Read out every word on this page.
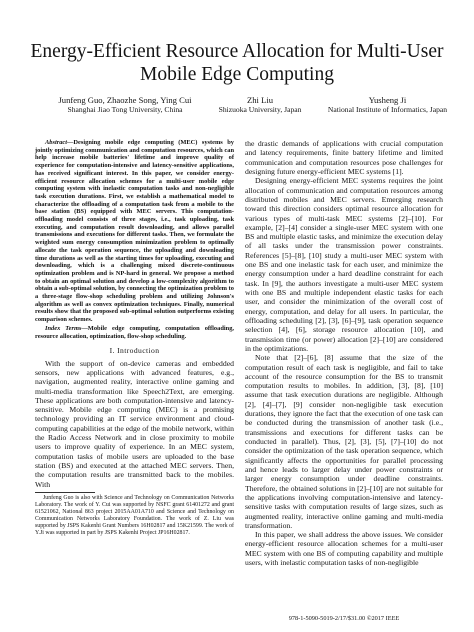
Energy-Efficient Resource Allocation for Multi-User Mobile Edge Computing
Junfeng Guo, Zhaozhe Song, Ying Cui
Shanghai Jiao Tong University, China
Zhi Liu
Shizuoka University, Japan
Yusheng Ji
National Institute of Informatics, Japan

Abstract—Designing mobile edge computing (MEC) systems by jointly optimizing communication and computation resources, which can help increase mobile batteries' lifetime and improve quality of experience for computation-intensive and latency-sensitive applications, has received significant interest. In this paper, we consider energy-efficient resource allocation schemes for a multi-user mobile edge computing system with inelastic computation tasks and non-negligible task execution durations. First, we establish a mathematical model to characterize the offloading of a computation task from a mobile to the base station (BS) equipped with MEC servers. This computation-offloading model consists of three stages, i.e., task uploading, task executing, and computation result downloading, and allows parallel transmissions and executions for different tasks. Then, we formulate the weighted sum energy consumption minimization problem to optimally allocate the task operation sequence, the uploading and downloading time durations as well as the starting times for uploading, executing and downloading, which is a challenging mixed discrete-continuous optimization problem and is NP-hard in general. We propose a method to obtain an optimal solution and develop a low-complexity algorithm to obtain a sub-optimal solution, by connecting the optimization problem to a three-stage flow-shop scheduling problem and utilizing Johnson's algorithm as well as convex optimization techniques. Finally, numerical results show that the proposed sub-optimal solution outperforms existing comparison schemes.

Index Terms—Mobile edge computing, computation offloading, resource allocation, optimization, flow-shop scheduling.

I. Introduction

With the support of on-device cameras and embedded sensors, new applications with advanced features, e.g., navigation, augmented reality, interactive online gaming and multi-media transformation like Speech2Text, are emerging. These applications are both computation-intensive and latency-sensitive. Mobile edge computing (MEC) is a promising technology providing an IT service environment and cloud-computing capabilities at the edge of the mobile network, within the Radio Access Network and in close proximity to mobile users to improve quality of experience. In an MEC system, computation tasks of mobile users are uploaded to the base station (BS) and executed at the attached MEC servers. Then, the computation results are transmitted back to the mobiles. With

Junfeng Guo is also with Science and Technology on Communication Networks Laboratory. The work of Y. Cui was supported by NSFC grant 61401272 and grant 61521062, National 863 project 2015AA01A710 and Science and Technology on Communication Networks Laboratory Foundation. The work of Z. Liu was supported by JSPS Kakenhi Grant Numbers 16H02817 and 15K21599. The work of Y.Ji was supported in part by JSPS Kakenhi Project JP16H02817.

the drastic demands of applications with crucial computation and latency requirements, finite battery lifetime and limited communication and computation resources pose challenges for designing future energy-efficient MEC systems [1].

Designing energy-efficient MEC systems requires the joint allocation of communication and computation resources among distributed mobiles and MEC servers. Emerging research toward this direction considers optimal resource allocation for various types of multi-task MEC systems [2]–[10]. For example, [2]–[4] consider a single-user MEC system with one BS and multiple elastic tasks, and minimize the execution delay of all tasks under the transmission power constraints. References [5]–[8], [10] study a multi-user MEC system with one BS and one inelastic task for each user, and minimize the energy consumption under a hard deadline constraint for each task. In [9], the authors investigate a multi-user MEC system with one BS and multiple independent elastic tasks for each user, and consider the minimization of the overall cost of energy, computation, and delay for all users. In particular, the offloading scheduling [2], [3], [6]–[9], task operation sequence selection [4], [6], storage resource allocation [10], and transmission time (or power) allocation [2]–[10] are considered in the optimizations.

Note that [2]–[6], [8] assume that the size of the computation result of each task is negligible, and fail to take account of the resource consumption for the BS to transmit computation results to mobiles. In addition, [3], [8], [10] assume that task execution durations are negligible. Although [2], [4]–[7], [9] consider non-negligible task execution durations, they ignore the fact that the execution of one task can be conducted during the transmission of another task (i.e., transmissions and executions for different tasks can be conducted in parallel). Thus, [2], [3], [5], [7]–[10] do not consider the optimization of the task operation sequence, which significantly affects the opportunities for parallel processing and hence leads to larger delay under power constraints or larger energy consumption under deadline constraints. Therefore, the obtained solutions in [2]–[10] are not suitable for the applications involving computation-intensive and latency-sensitive tasks with computation results of large sizes, such as augmented reality, interactive online gaming and multi-media transformation.

In this paper, we shall address the above issues. We consider energy-efficient resource allocation schemes for a multi-user MEC system with one BS of computing capability and multiple users, with inelastic computation tasks of non-negligible

978-1-5090-5019-2/17/$31.00 ©2017 IEEE
